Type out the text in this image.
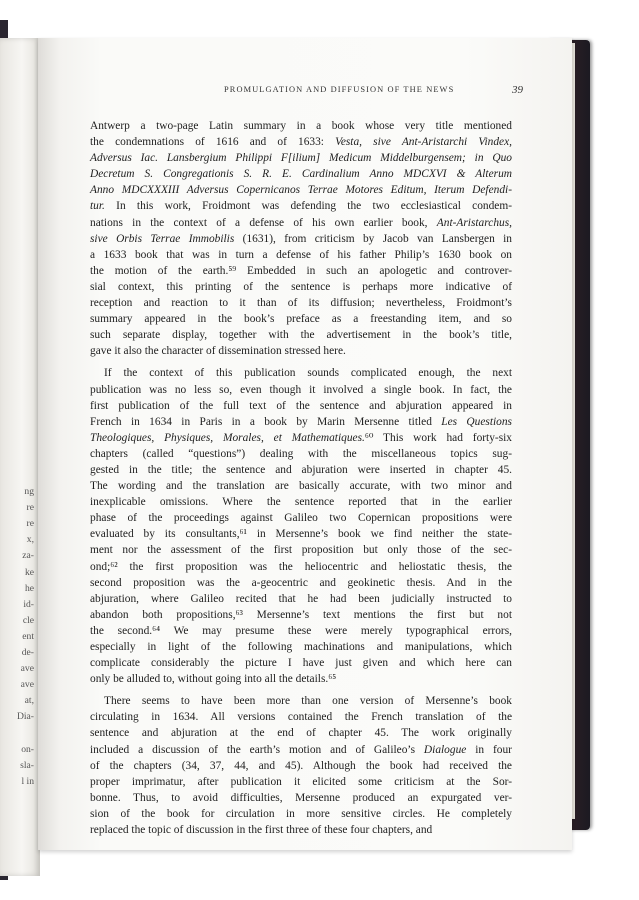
ng
re
re
x,
za-
ke
he
id-
cle
ent
de-
ave
ave
at,
Dia-
on-
sla-
l in
PROMULGATION AND DIFFUSION OF THE NEWS	39
Antwerp a two-page Latin summary in a book whose very title mentioned
the condemnations of 1616 and of 1633: Vesta, sive Ant-Aristarchi Vindex,
Adversus Iac. Lansbergium Philippi F[ilium] Medicum Middelburgensem; in Quo
Decretum S. Congregationis S. R. E. Cardinalium Anno MDCXVI & Alterum
Anno MDCXXXIII Adversus Copernicanos Terrae Motores Editum, Iterum Defendi-
tur. In this work, Froidmont was defending the two ecclesiastical condem-
nations in the context of a defense of his own earlier book, Ant-Aristarchus,
sive Orbis Terrae Immobilis (1631), from criticism by Jacob van Lansbergen in
a 1633 book that was in turn a defense of his father Philip’s 1630 book on
the motion of the earth.⁵⁹ Embedded in such an apologetic and controver-
sial context, this printing of the sentence is perhaps more indicative of
reception and reaction to it than of its diffusion; nevertheless, Froidmont’s
summary appeared in the book’s preface as a freestanding item, and so
such separate display, together with the advertisement in the book’s title,
gave it also the character of dissemination stressed here.
If the context of this publication sounds complicated enough, the next
publication was no less so, even though it involved a single book. In fact, the
first publication of the full text of the sentence and abjuration appeared in
French in 1634 in Paris in a book by Marin Mersenne titled Les Questions
Theologiques, Physiques, Morales, et Mathematiques.⁶⁰ This work had forty-six
chapters (called “questions”) dealing with the miscellaneous topics sug-
gested in the title; the sentence and abjuration were inserted in chapter 45.
The wording and the translation are basically accurate, with two minor and
inexplicable omissions. Where the sentence reported that in the earlier
phase of the proceedings against Galileo two Copernican propositions were
evaluated by its consultants,⁶¹ in Mersenne’s book we find neither the state-
ment nor the assessment of the first proposition but only those of the sec-
ond;⁶² the first proposition was the heliocentric and heliostatic thesis, the
second proposition was the a-geocentric and geokinetic thesis. And in the
abjuration, where Galileo recited that he had been judicially instructed to
abandon both propositions,⁶³ Mersenne’s text mentions the first but not
the second.⁶⁴ We may presume these were merely typographical errors,
especially in light of the following machinations and manipulations, which
complicate considerably the picture I have just given and which here can
only be alluded to, without going into all the details.⁶⁵
There seems to have been more than one version of Mersenne’s book
circulating in 1634. All versions contained the French translation of the
sentence and abjuration at the end of chapter 45. The work originally
included a discussion of the earth’s motion and of Galileo’s Dialogue in four
of the chapters (34, 37, 44, and 45). Although the book had received the
proper imprimatur, after publication it elicited some criticism at the Sor-
bonne. Thus, to avoid difficulties, Mersenne produced an expurgated ver-
sion of the book for circulation in more sensitive circles. He completely
replaced the topic of discussion in the first three of these four chapters, and
